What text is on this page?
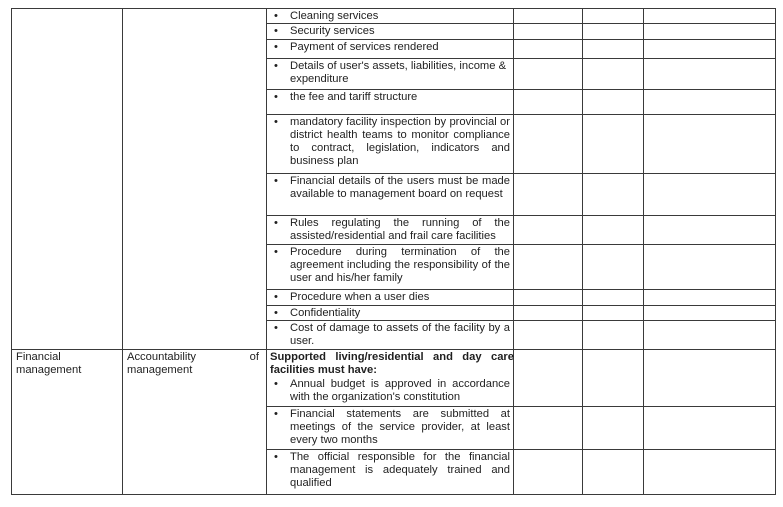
• Cleaning services
• Security services
• Payment of services rendered
• Details of user's assets, liabilities, income & expenditure
• the fee and tariff structure
• mandatory facility inspection by provincial or district health teams to monitor compliance to contract, legislation, indicators and business plan
• Financial details of the users must be made available to management board on request
• Rules regulating the running of the assisted/residential and frail care facilities
• Procedure during termination of the agreement including the responsibility of the user and his/her family
• Procedure when a user dies
• Confidentiality
• Cost of damage to assets of the facility by a user.
Financial management
Accountability	of
management
Supported living/residential and day care facilities must have:
• Annual budget is approved in accordance with the organization's constitution
• Financial statements are submitted at meetings of the service provider, at least every two months
• The official responsible for the financial management is adequately trained and qualified
